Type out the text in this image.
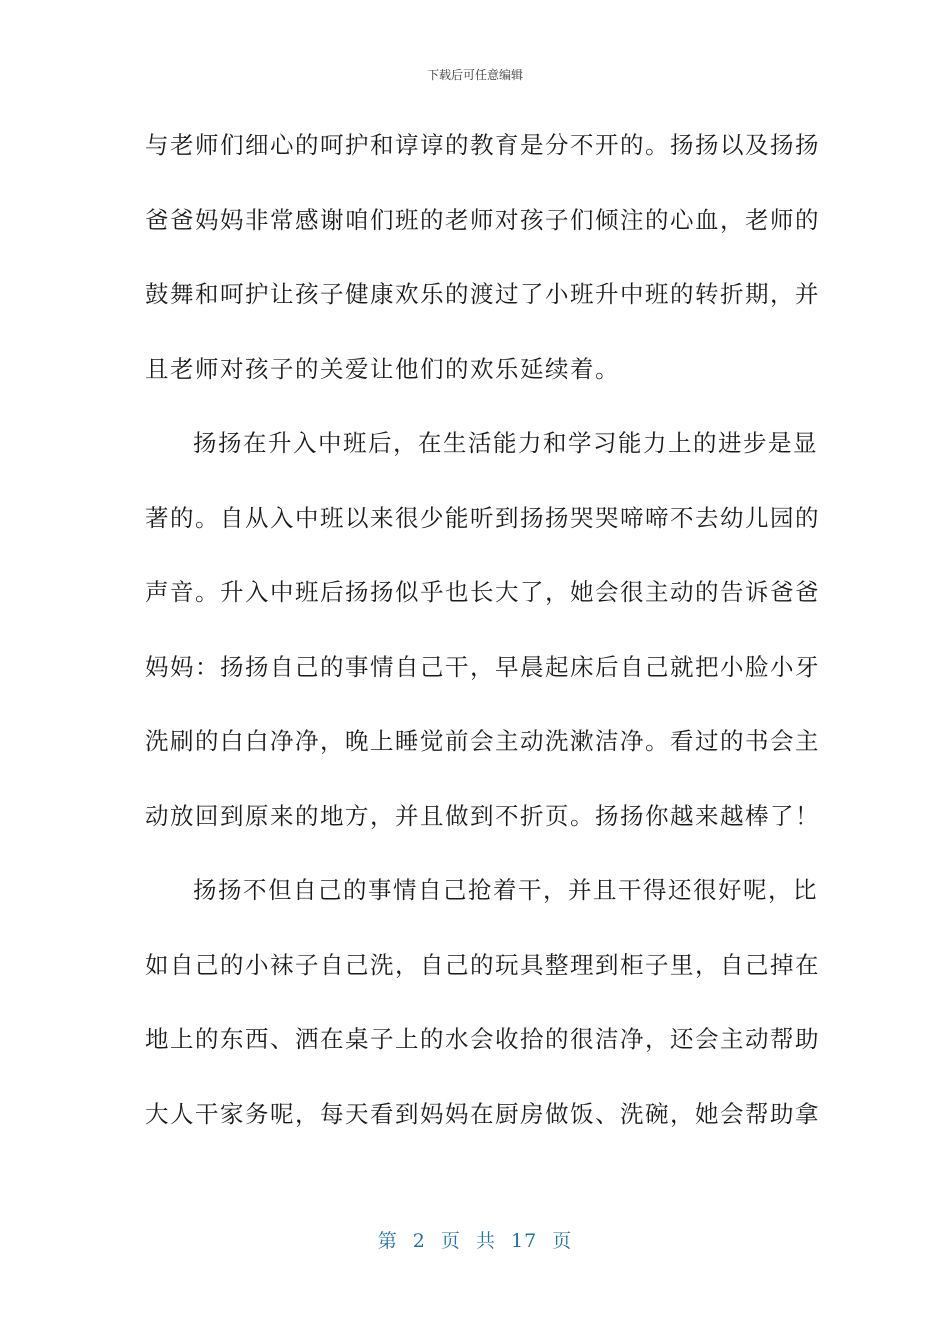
下载后可任意编辑
与老师们细心的呵护和谆谆的教育是分不开的。扬扬以及扬扬
爸爸妈妈非常感谢咱们班的老师对孩子们倾注的心血，老师的
鼓舞和呵护让孩子健康欢乐的渡过了小班升中班的转折期，并
且老师对孩子的关爱让他们的欢乐延续着。
扬扬在升入中班后，在生活能力和学习能力上的进步是显
著的。自从入中班以来很少能听到扬扬哭哭啼啼不去幼儿园的
声音。升入中班后扬扬似乎也长大了，她会很主动的告诉爸爸
妈妈：扬扬自己的事情自己干，早晨起床后自己就把小脸小牙
洗刷的白白净净，晚上睡觉前会主动洗漱洁净。看过的书会主
动放回到原来的地方，并且做到不折页。扬扬你越来越棒了！
扬扬不但自己的事情自己抢着干，并且干得还很好呢，比
如自己的小袜子自己洗，自己的玩具整理到柜子里，自己掉在
地上的东西、洒在桌子上的水会收拾的很洁净，还会主动帮助
大人干家务呢，每天看到妈妈在厨房做饭、洗碗，她会帮助拿
第 2 页 共 17 页
